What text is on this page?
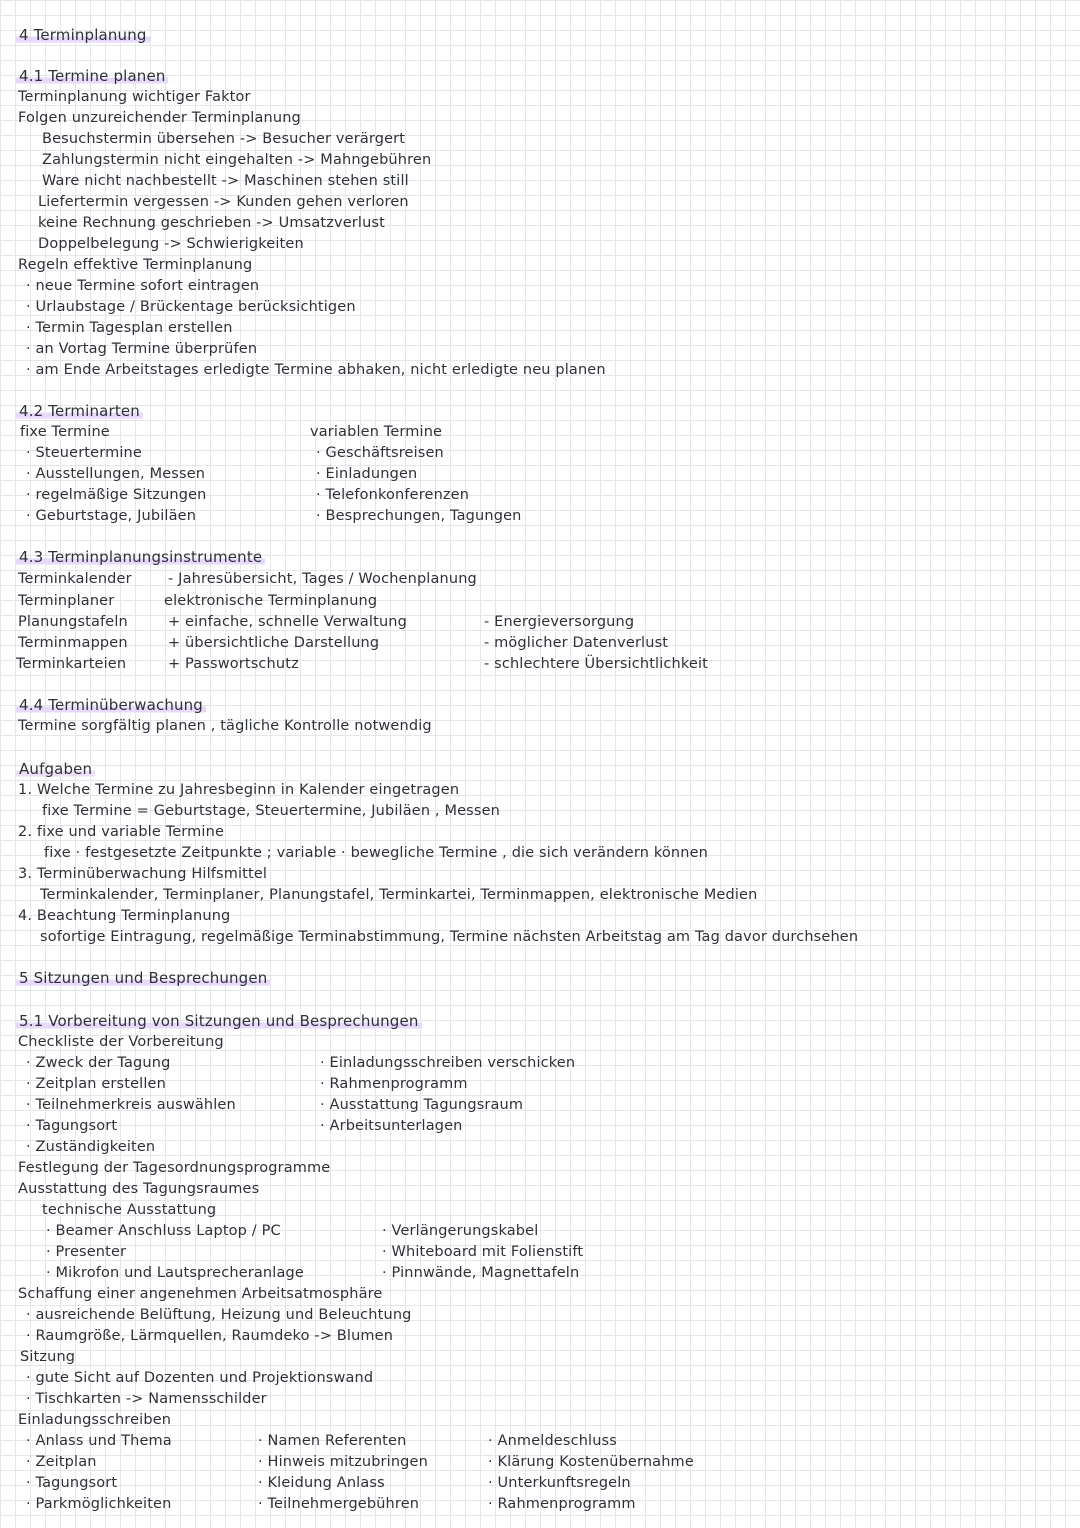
4 Terminplanung
4.1 Termine planen
Terminplanung wichtiger Faktor
Folgen unzureichender Terminplanung
Besuchstermin übersehen -> Besucher verärgert
Zahlungstermin nicht eingehalten -> Mahngebühren
Ware nicht nachbestellt -> Maschinen stehen still
Liefertermin vergessen -> Kunden gehen verloren
keine Rechnung geschrieben -> Umsatzverlust
Doppelbelegung -> Schwierigkeiten
Regeln effektive Terminplanung
· neue Termine sofort eintragen
· Urlaubstage / Brückentage berücksichtigen
· Termin Tagesplan erstellen
· an Vortag Termine überprüfen
· am Ende Arbeitstages erledigte Termine abhaken, nicht erledigte neu planen
4.2 Terminarten
fixe Termine
· Steuertermine
· Ausstellungen, Messen
· regelmäßige Sitzungen
· Geburtstage, Jubiläen
variablen Termine
· Geschäftsreisen
· Einladungen
· Telefonkonferenzen
· Besprechungen, Tagungen
4.3 Terminplanungsinstrumente
Terminkalender
Terminplaner
Planungstafeln
Terminmappen
Terminkarteien
- Jahresübersicht, Tages / Wochenplanung
elektronische Terminplanung
+ einfache, schnelle Verwaltung
+ übersichtliche Darstellung
+ Passwortschutz
- Energieversorgung
- möglicher Datenverlust
- schlechtere Übersichtlichkeit
4.4 Terminüberwachung
Termine sorgfältig planen , tägliche Kontrolle notwendig
Aufgaben
1. Welche Termine zu Jahresbeginn in Kalender eingetragen
fixe Termine = Geburtstage, Steuertermine, Jubiläen , Messen
2. fixe und variable Termine
fixe · festgesetzte Zeitpunkte ; variable · bewegliche Termine , die sich verändern können
3. Terminüberwachung Hilfsmittel
Terminkalender, Terminplaner, Planungstafel, Terminkartei, Terminmappen, elektronische Medien
4. Beachtung Terminplanung
sofortige Eintragung, regelmäßige Terminabstimmung, Termine nächsten Arbeitstag am Tag davor durchsehen
5 Sitzungen und Besprechungen
5.1 Vorbereitung von Sitzungen und Besprechungen
Checkliste der Vorbereitung
· Zweck der Tagung
· Zeitplan erstellen
· Teilnehmerkreis auswählen
· Tagungsort
· Zuständigkeiten
· Einladungsschreiben verschicken
· Rahmenprogramm
· Ausstattung Tagungsraum
· Arbeitsunterlagen
Festlegung der Tagesordnungsprogramme
Ausstattung des Tagungsraumes
technische Ausstattung
· Beamer Anschluss Laptop / PC
· Presenter
· Mikrofon und Lautsprecheranlage
· Verlängerungskabel
· Whiteboard mit Folienstift
· Pinnwände, Magnettafeln
Schaffung einer angenehmen Arbeitsatmosphäre
· ausreichende Belüftung, Heizung und Beleuchtung
· Raumgröße, Lärmquellen, Raumdeko -> Blumen
Sitzung
· gute Sicht auf Dozenten und Projektionswand
· Tischkarten -> Namensschilder
Einladungsschreiben
· Anlass und Thema
· Zeitplan
· Tagungsort
· Parkmöglichkeiten
· Namen Referenten
· Hinweis mitzubringen
· Kleidung Anlass
· Teilnehmergebühren
· Anmeldeschluss
· Klärung Kostenübernahme
· Unterkunftsregeln
· Rahmenprogramm
